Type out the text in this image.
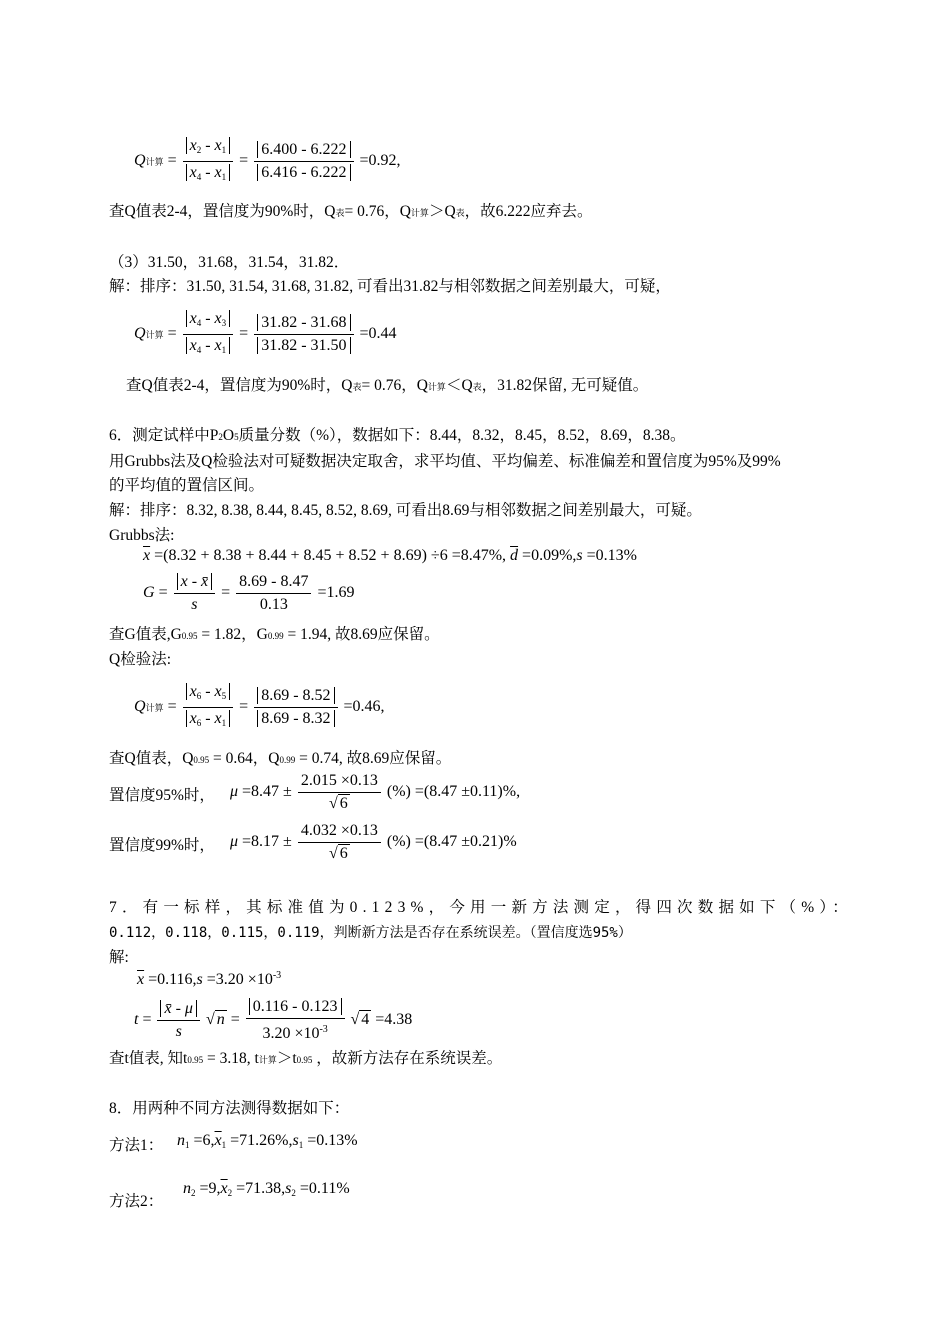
Q计算 = $\frac{x_2 - x_1}{x_4 - x_1} = \frac{6.400 - 6.222}{6.416 - 6.222} =0.92$,
查Q值表2-4，置信度为90%时，Q表= 0.76，Q计算＞Q表，故6.222应弃去。
（3）31.50，31.68，31.54，31.82．
解：排序：31.50, 31.54, 31.68, 31.82, 可看出31.82与相邻数据之间差别最大，可疑，
Q计算 = $\frac{x_4 - x_3}{x_4 - x_1} = \frac{31.82 - 31.68}{31.82 - 31.50} =0.44$
查Q值表2-4，置信度为90%时，Q表= 0.76，Q计算＜Q表，31.82保留, 无可疑值。
6．测定试样中P2O5质量分数（%），数据如下：8.44，8.32，8.45，8.52，8.69，8.38。
用Grubbs法及Q检验法对可疑数据决定取舍，求平均值、平均偏差、标准偏差和置信度为95%及99%
的平均值的置信区间。
解：排序：8.32, 8.38, 8.44, 8.45, 8.52, 8.69, 可看出8.69与相邻数据之间差别最大，可疑。
Grubbs法:
$\overline{x} =(8.32 + 8.38 + 8.44 + 8.45 + 8.52 + 8.69) \div 6 =8.47\%$, $\overline{d} =0.09\%,s =0.13\%$
$G = \frac{x - x̄}{s} = \frac{8.69 - 8.47}{0.13} =1.69$
查G值表,G0.95 = 1.82，G0.99 = 1.94, 故8.69应保留。
Q检验法:
Q计算 = $\frac{x_6 - x_5}{x_6 - x_1} = \frac{8.69 - 8.52}{8.69 - 8.32} =0.46$,
查Q值表，Q0.95 = 0.64，Q0.99 = 0.74, 故8.69应保留。
置信度95%时， $\mu =8.47 \pm \frac{2.015 \times 0.13}{√ 6}$ (%) =(8.47 ±0.11)%,
置信度99%时， $\mu =8.17 \pm \frac{4.032 \times 0.13}{√ 6}$ (%) =(8.47 ±0.21)%
7．有一标样，其标准值为0.123%，今用一新方法测定，得四次数据如下（%）：
0.112，0.118，0.115，0.119，判断新方法是否存在系统误差。（置信度选95%）
解:
$\overline{x} =0.116,s =3.20 \times 10^{-3}$
$t = \frac{x̄ - \mu}{s}$ √ $n = \frac{0.116 - 0.123}{3.20 \times 10^{-3}}$ √ 4 =4.38
查t值表, 知t0.95 = 3.18, t计算＞t0.95 ，故新方法存在系统误差。
8．用两种不同方法测得数据如下：
方法1： $n_1 =6,\overline{x}_1 =71.26\%,s_1 =0.13\%$
方法2：
$n_2 =9,\overline{x}_2 =71.38,s_2 =0.11\%$
